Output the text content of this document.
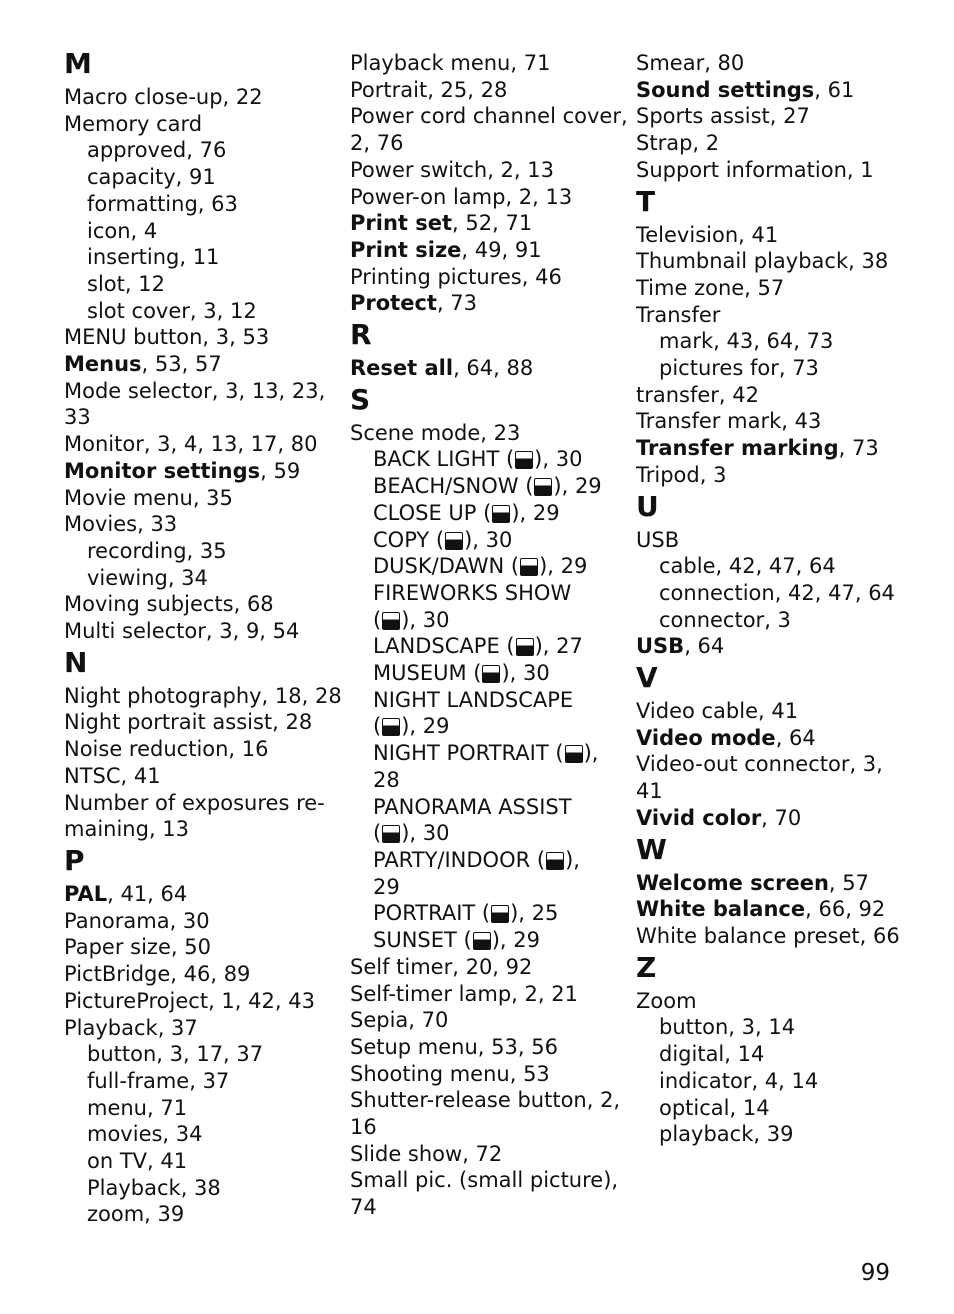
M
Macro close-up, 22
Memory card
approved, 76
capacity, 91
formatting, 63
icon, 4
inserting, 11
slot, 12
slot cover, 3, 12
MENU button, 3, 53
Menus, 53, 57
Mode selector, 3, 13, 23,
33
Monitor, 3, 4, 13, 17, 80
Monitor settings, 59
Movie menu, 35
Movies, 33
recording, 35
viewing, 34
Moving subjects, 68
Multi selector, 3, 9, 54
N
Night photography, 18, 28
Night portrait assist, 28
Noise reduction, 16
NTSC, 41
Number of exposures re-
maining, 13
P
PAL, 41, 64
Panorama, 30
Paper size, 50
PictBridge, 46, 89
PictureProject, 1, 42, 43
Playback, 37
button, 3, 17, 37
full-frame, 37
menu, 71
movies, 34
on TV, 41
Playback, 38
zoom, 39
Playback menu, 71
Portrait, 25, 28
Power cord channel cover,
2, 76
Power switch, 2, 13
Power-on lamp, 2, 13
Print set, 52, 71
Print size, 49, 91
Printing pictures, 46
Protect, 73
R
Reset all, 64, 88
S
Scene mode, 23
BACK LIGHT ( ), 30
BEACH/SNOW ( ), 29
CLOSE UP ( ), 29
COPY ( ), 30
DUSK/DAWN ( ), 29
FIREWORKS SHOW
( ), 30
LANDSCAPE ( ), 27
MUSEUM ( ), 30
NIGHT LANDSCAPE
( ), 29
NIGHT PORTRAIT ( ),
28
PANORAMA ASSIST
( ), 30
PARTY/INDOOR ( ),
29
PORTRAIT ( ), 25
SUNSET ( ), 29
Self timer, 20, 92
Self-timer lamp, 2, 21
Sepia, 70
Setup menu, 53, 56
Shooting menu, 53
Shutter-release button, 2,
16
Slide show, 72
Small pic. (small picture),
74
Smear, 80
Sound settings, 61
Sports assist, 27
Strap, 2
Support information, 1
T
Television, 41
Thumbnail playback, 38
Time zone, 57
Transfer
mark, 43, 64, 73
pictures for, 73
transfer, 42
Transfer mark, 43
Transfer marking, 73
Tripod, 3
U
USB
cable, 42, 47, 64
connection, 42, 47, 64
connector, 3
USB, 64
V
Video cable, 41
Video mode, 64
Video-out connector, 3,
41
Vivid color, 70
W
Welcome screen, 57
White balance, 66, 92
White balance preset, 66
Z
Zoom
button, 3, 14
digital, 14
indicator, 4, 14
optical, 14
playback, 39
99
